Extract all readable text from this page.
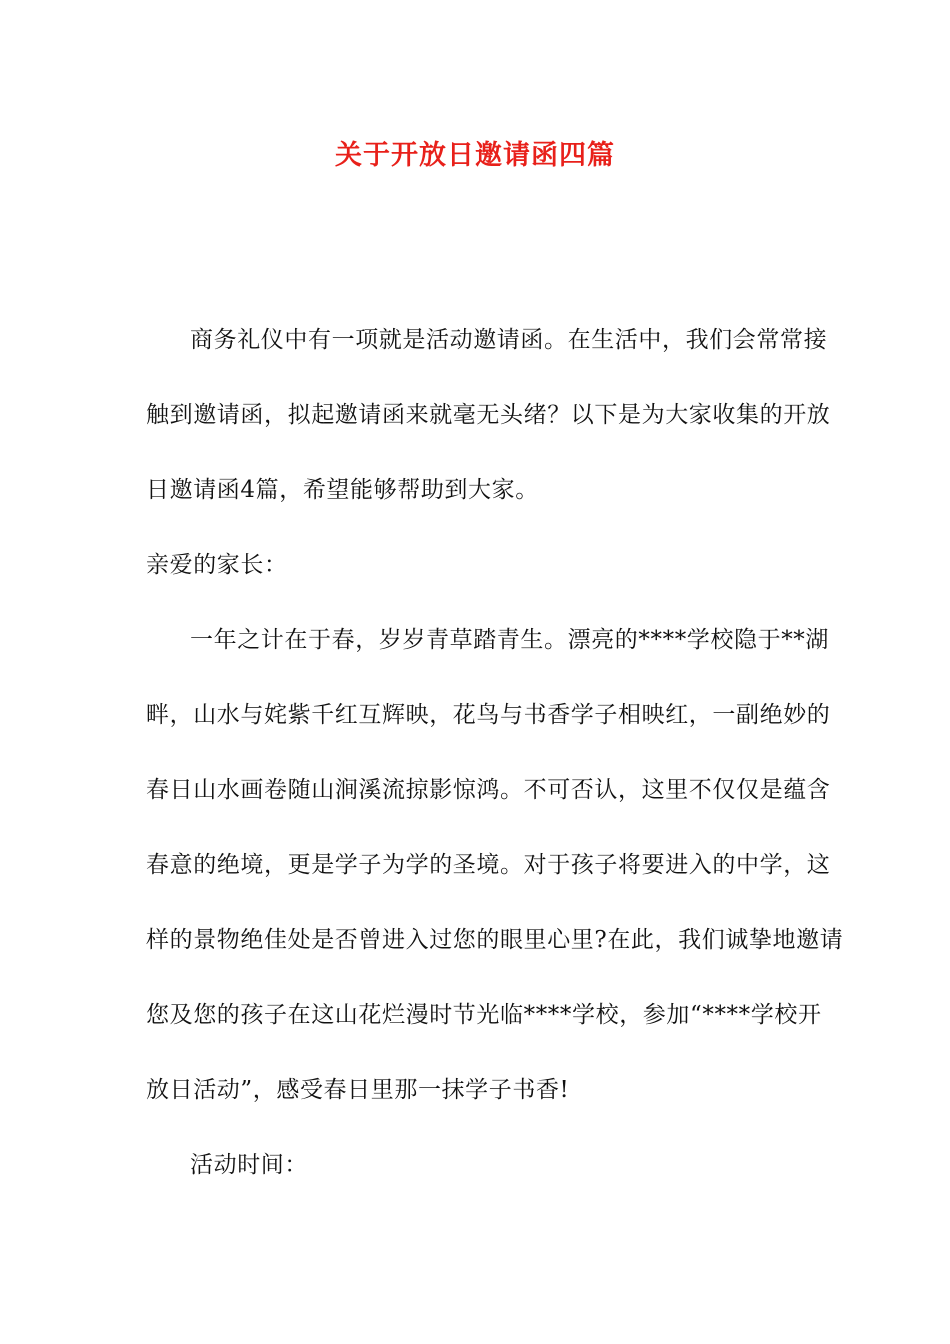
关于开放日邀请函四篇
商务礼仪中有一项就是活动邀请函。在生活中，我们会常常接
触到邀请函，拟起邀请函来就毫无头绪？以下是为大家收集的开放
日邀请函4篇，希望能够帮助到大家。
亲爱的家长：
一年之计在于春，岁岁青草踏青生。漂亮的****学校隐于**湖
畔，山水与姹紫千红互辉映，花鸟与书香学子相映红，一副绝妙的
春日山水画卷随山涧溪流掠影惊鸿。不可否认，这里不仅仅是蕴含
春意的绝境，更是学子为学的圣境。对于孩子将要进入的中学，这
样的景物绝佳处是否曾进入过您的眼里心里?在此，我们诚挚地邀请
您及您的孩子在这山花烂漫时节光临****学校，参加“****学校开
放日活动”，感受春日里那一抹学子书香!
活动时间：
